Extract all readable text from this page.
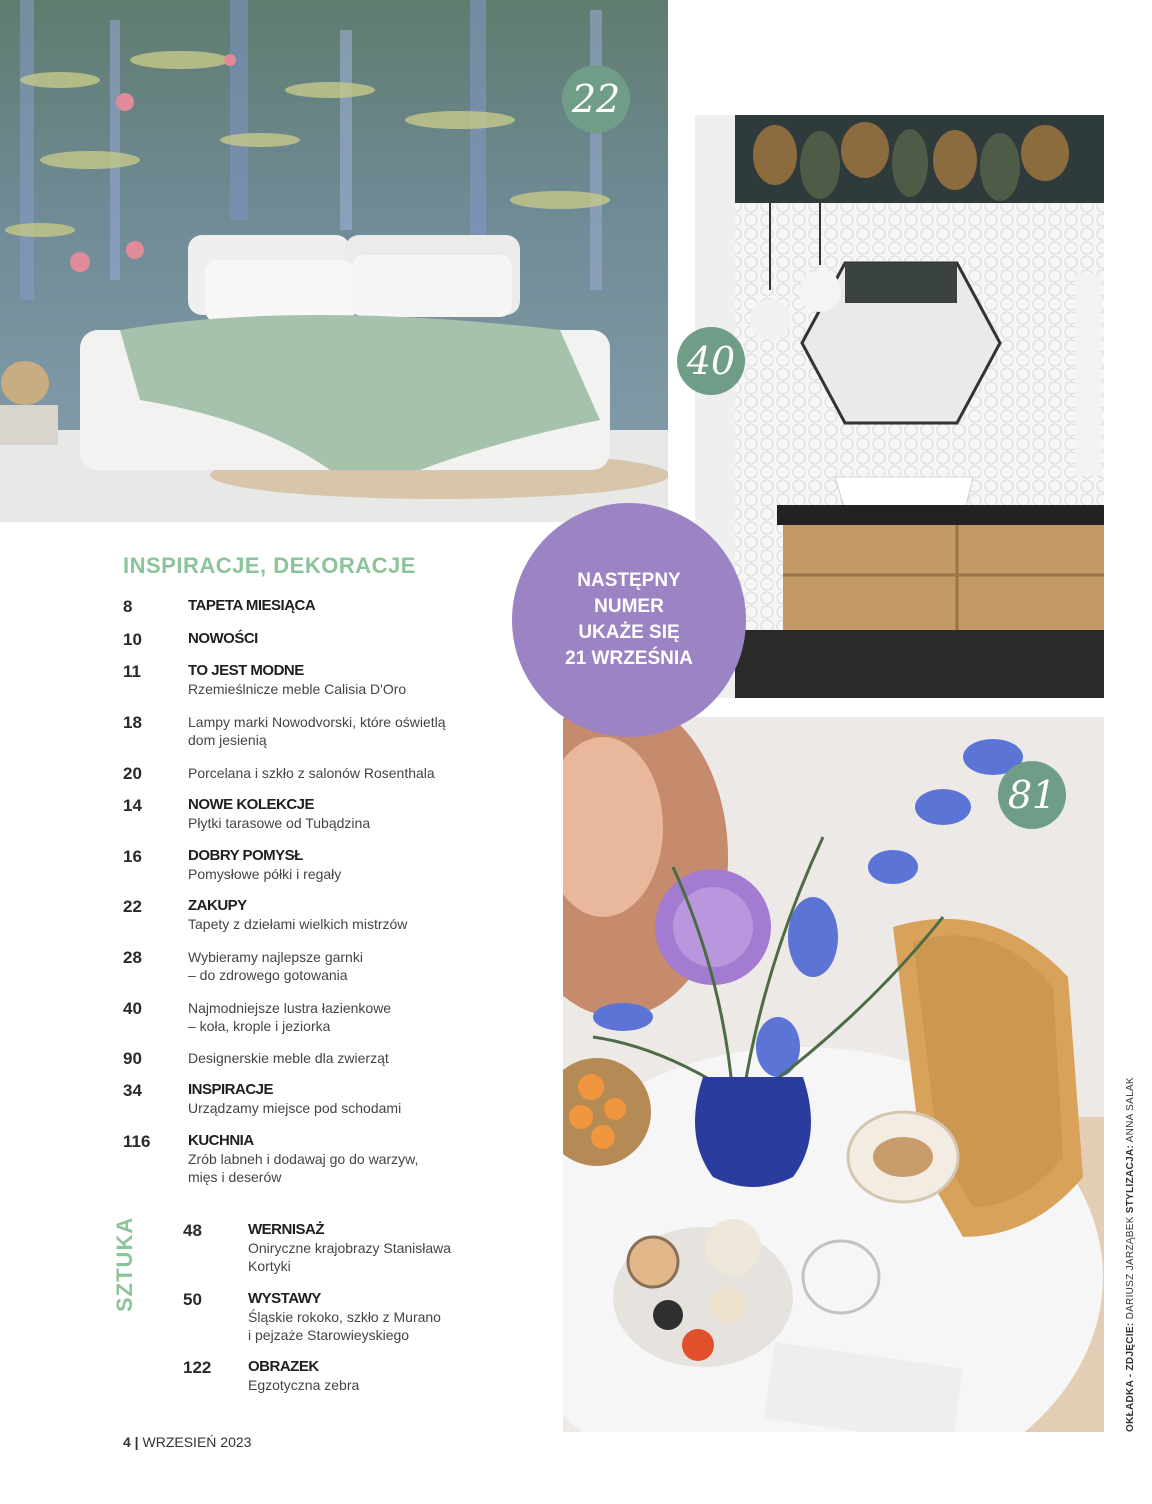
22
40
81
NASTĘPNY
NUMER
UKAŻE SIĘ
21 WRZEŚNIA
INSPIRACJE, DEKORACJE
8	TAPETA MIESIĄCA
10	NOWOŚCI
11	TO JEST MODNE
Rzemieślnicze meble Calisia D'Oro
18	Lampy marki Nowodvorski, które oświetlą
dom jesienią
20	Porcelana i szkło z salonów Rosenthala
14	NOWE KOLEKCJE
Płytki tarasowe od Tubądzina
16	DOBRY POMYSŁ
Pomysłowe półki i regały
22	ZAKUPY
Tapety z dziełami wielkich mistrzów
28	Wybieramy najlepsze garnki
– do zdrowego gotowania
40	Najmodniejsze lustra łazienkowe
– koła, krople i jeziorka
90	Designerskie meble dla zwierząt
34	INSPIRACJE
Urządzamy miejsce pod schodami
116	KUCHNIA
Zrób labneh i dodawaj go do warzyw,
mięs i deserów
SZTUKA	48	WERNISAŻ
Oniryczne krajobrazy Stanisława
Kortyki
50	WYSTAWY
Śląskie rokoko, szkło z Murano
i pejzaże Starowieyskiego
122 OBRAZEK
Egzotyczna zebra
4 | WRZESIEŃ 2023
OKŁADKA - ZDJĘCIE: DARIUSZ JARZĄBEK STYLIZACJA: ANNA SALAK
